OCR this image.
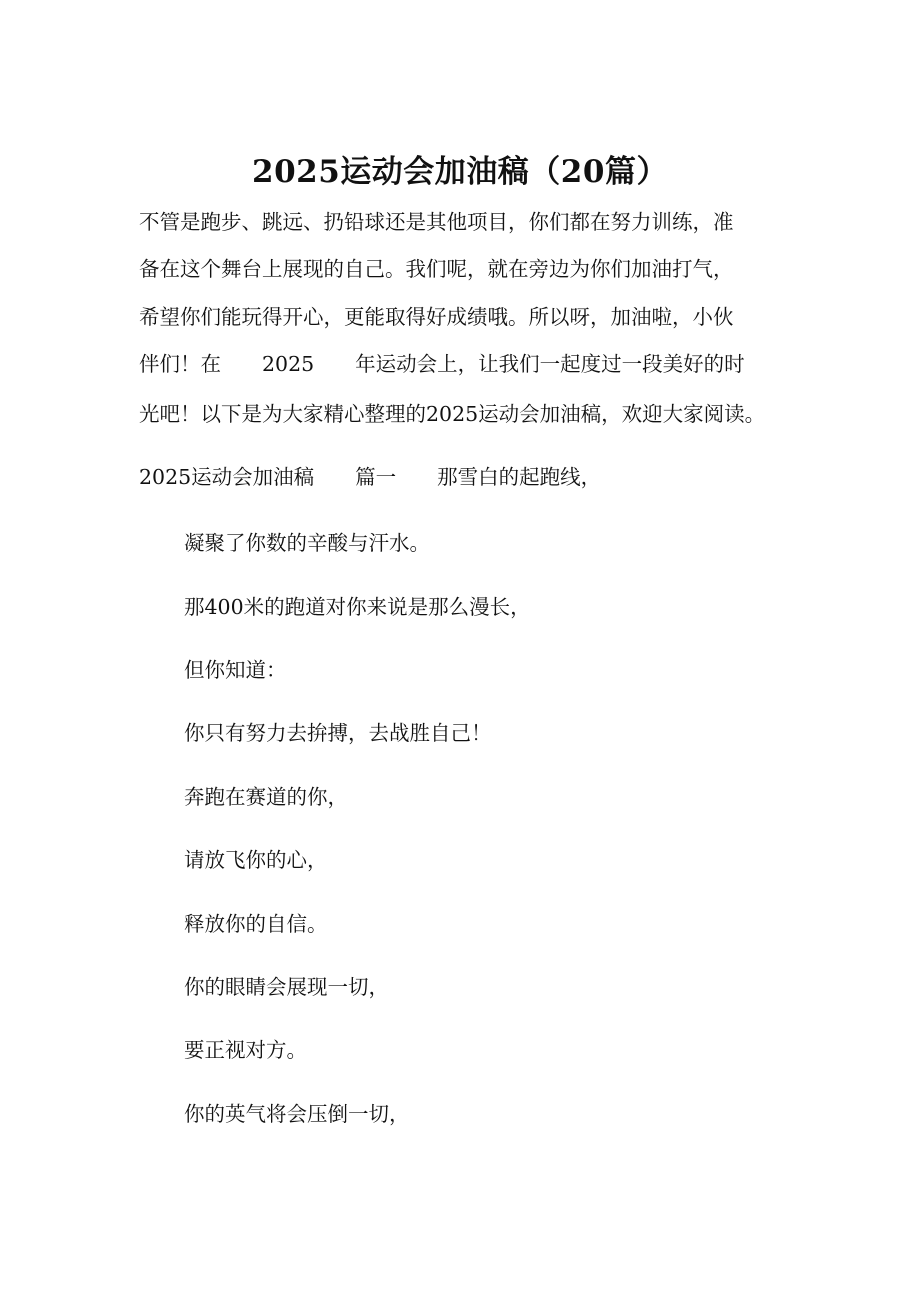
2025运动会加油稿（20篇）
不管是跑步、跳远、扔铅球还是其他项目，你们都在努力训练，准
备在这个舞台上展现的自己。我们呢，就在旁边为你们加油打气，
希望你们能玩得开心，更能取得好成绩哦。所以呀，加油啦，小伙
伴们！在　　2025　　年运动会上，让我们一起度过一段美好的时
光吧！以下是为大家精心整理的2025运动会加油稿，欢迎大家阅读。
2025运动会加油稿　　篇一　　那雪白的起跑线，
凝聚了你数的辛酸与汗水。
那400米的跑道对你来说是那么漫长，
但你知道：
你只有努力去拚搏，去战胜自己！
奔跑在赛道的你，
请放飞你的心，
释放你的自信。
你的眼睛会展现一切，
要正视对方。
你的英气将会压倒一切，
